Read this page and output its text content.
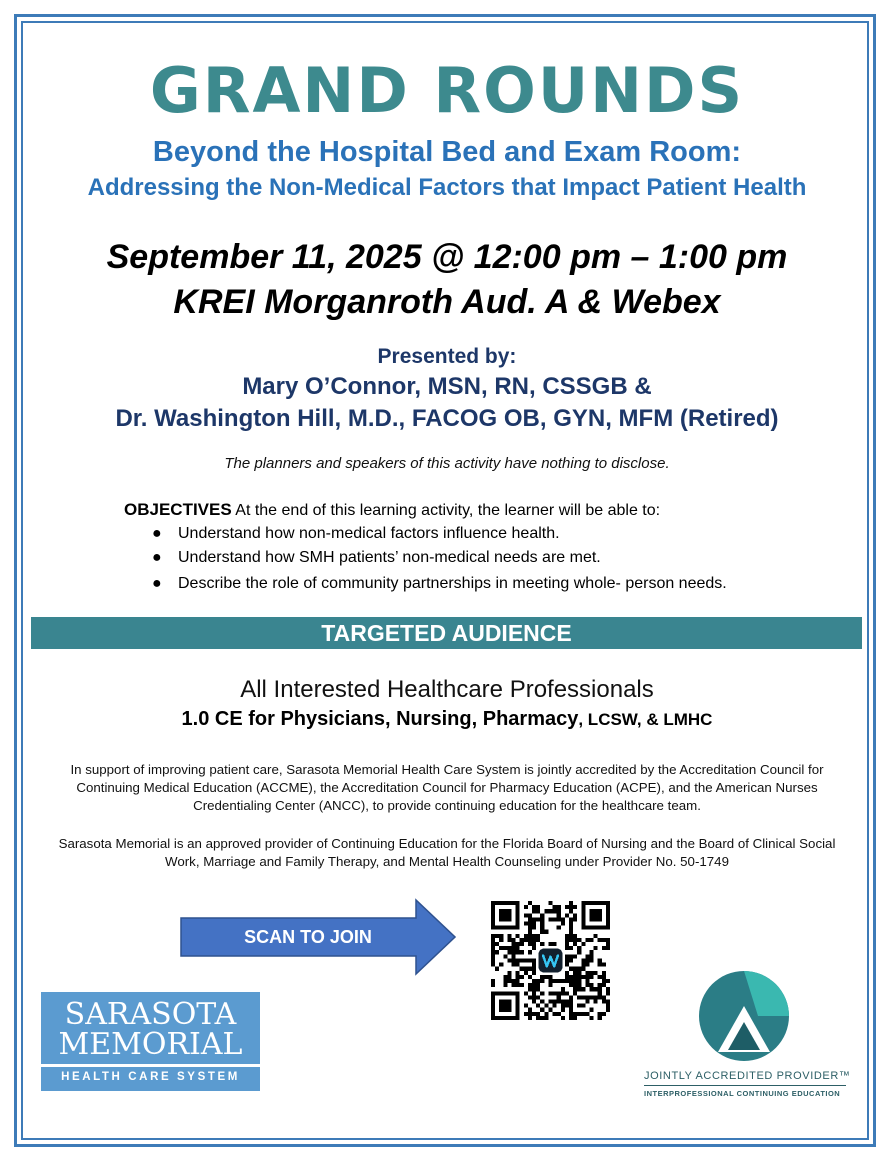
GRAND ROUNDS
Beyond the Hospital Bed and Exam Room:
Addressing the Non-Medical Factors that Impact Patient Health
September 11, 2025 @ 12:00 pm – 1:00 pm
KREI Morganroth Aud. A & Webex
Presented by:
Mary O’Connor, MSN, RN, CSSGB &
Dr. Washington Hill, M.D., FACOG OB, GYN, MFM (Retired)
The planners and speakers of this activity have nothing to disclose.
OBJECTIVES At the end of this learning activity, the learner will be able to:
● Understand how non-medical factors influence health.
● Understand how SMH patients’ non-medical needs are met.
● Describe the role of community partnerships in meeting whole- person needs.
TARGETED AUDIENCE
All Interested Healthcare Professionals
1.0 CE for Physicians, Nursing, Pharmacy, LCSW, & LMHC
In support of improving patient care, Sarasota Memorial Health Care System is jointly accredited by the Accreditation Council for Continuing Medical Education (ACCME), the Accreditation Council for Pharmacy Education (ACPE), and the American Nurses Credentialing Center (ANCC), to provide continuing education for the healthcare team.
Sarasota Memorial is an approved provider of Continuing Education for the Florida Board of Nursing and the Board of Clinical Social Work, Marriage and Family Therapy, and Mental Health Counseling under Provider No. 50-1749
SCAN TO JOIN
SARASOTA
MEMORIAL
HEALTH CARE SYSTEM	JOINTLY ACCREDITED PROVIDER™
INTERPROFESSIONAL CONTINUING EDUCATION
